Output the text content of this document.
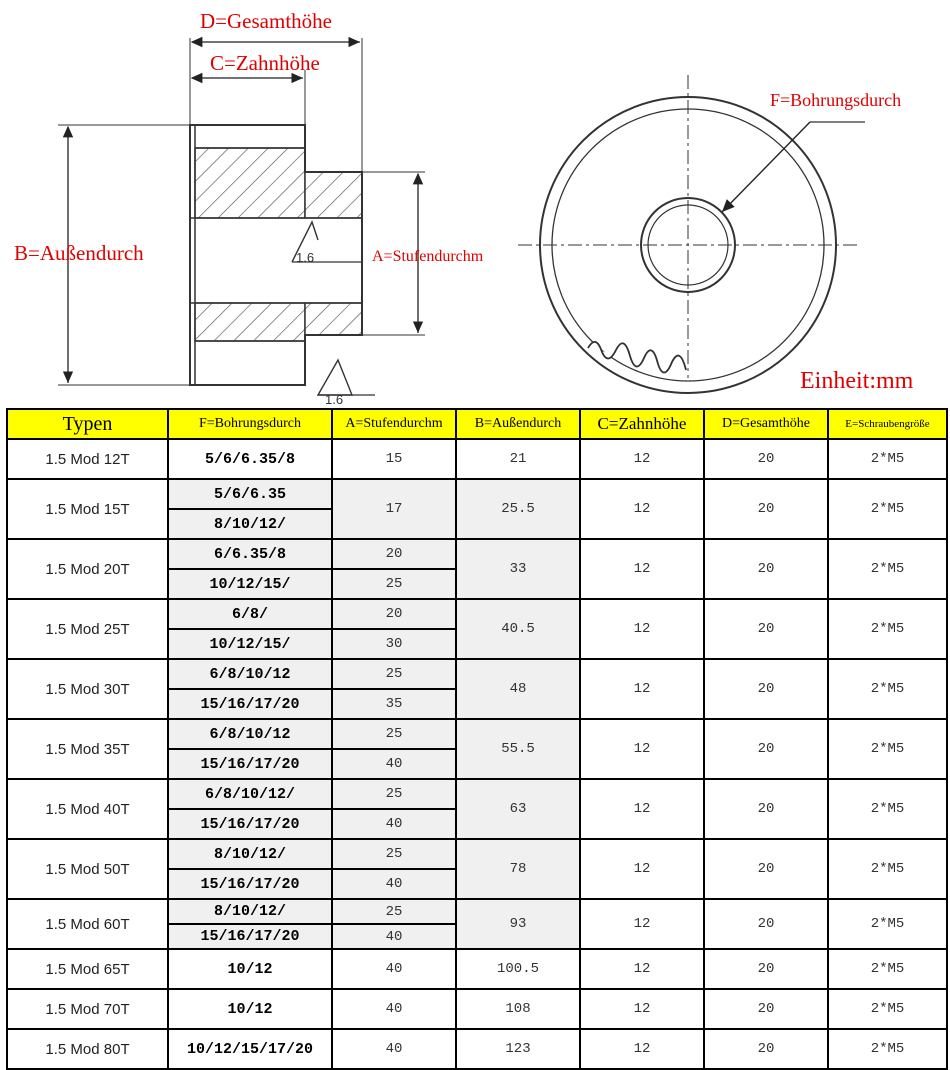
D=Gesamthöhe
C=Zahnhöhe
B=Außendurch	A=Stufendurchm
1.6
1.6
F=Bohrungsdurch
Einheit:mm
Typen	F=Bohrungsdurch	A=Stufendurchm	B=Außendurch	C=Zahnhöhe	D=Gesamthöhe	E=Schraubengröße
1.5 Mod 12T	5/6/6.35/8	15	21	12	20	2*M5
1.5 Mod 15T	5/6/6.35	17	25.5	12	20	2*M5
	8/10/12/					
1.5 Mod 20T	6/6.35/8	20	33	12	20	2*M5
	10/12/15/	25				
1.5 Mod 25T	6/8/	20	40.5	12	20	2*M5
	10/12/15/	30				
1.5 Mod 30T	6/8/10/12	25	48	12	20	2*M5
	15/16/17/20	35				
1.5 Mod 35T	6/8/10/12	25	55.5	12	20	2*M5
	15/16/17/20	40				
1.5 Mod 40T	6/8/10/12/	25	63	12	20	2*M5
	15/16/17/20	40				
1.5 Mod 50T	8/10/12/	25	78	12	20	2*M5
	15/16/17/20	40				
1.5 Mod 60T	8/10/12/	25	93	12	20	2*M5
	15/16/17/20	40				
1.5 Mod 65T	10/12	40	100.5	12	20	2*M5
1.5 Mod 70T	10/12	40	108	12	20	2*M5
1.5 Mod 80T	10/12/15/17/20	40	123	12	20	2*M5
